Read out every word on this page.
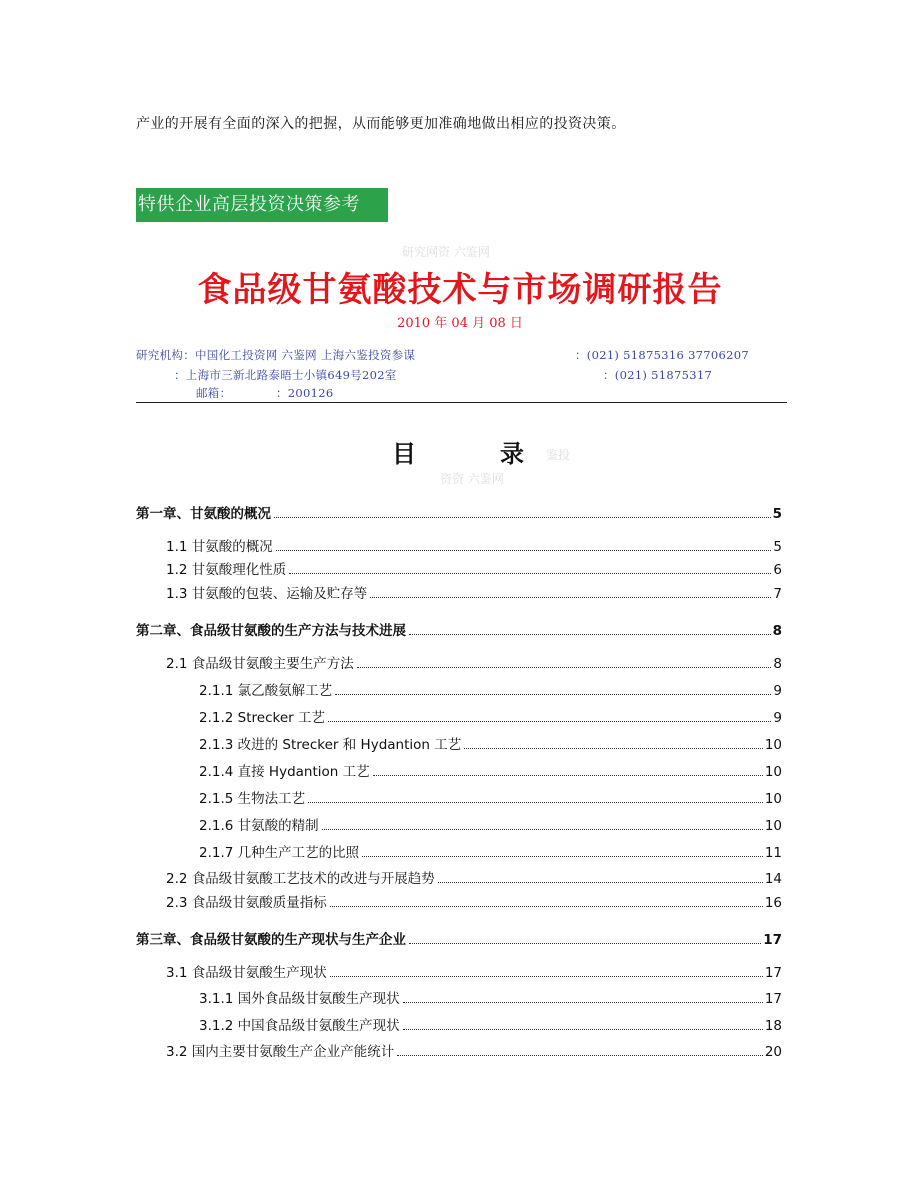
产业的开展有全面的深入的把握，从而能够更加准确地做出相应的投资决策。
特供企业高层投资决策参考
研究网资 六鉴网
食品级甘氨酸技术与市场调研报告
2010 年 04 月 08 日
研究机构：中国化工投资网 六鉴网 上海六鉴投资参谋	：(021) 51875316 37706207
：上海市三新北路泰晤士小镇649号202室	：(021) 51875317
邮箱：	：200126
目	录 鉴投
资资 六鉴网
第一章、甘氨酸的概况	5
1.1 甘氨酸的概况	5
1.2 甘氨酸理化性质	6
1.3 甘氨酸的包装、运输及贮存等	7
第二章、食品级甘氨酸的生产方法与技术进展	8
2.1 食品级甘氨酸主要生产方法	8
2.1.1 氯乙酸氨解工艺	9
2.1.2 Strecker 工艺	9
2.1.3 改进的 Strecker 和 Hydantion 工艺	10
2.1.4 直接 Hydantion 工艺	10
2.1.5 生物法工艺	10
2.1.6 甘氨酸的精制	10
2.1.7 几种生产工艺的比照	11
2.2 食品级甘氨酸工艺技术的改进与开展趋势	14
2.3 食品级甘氨酸质量指标	16
第三章、食品级甘氨酸的生产现状与生产企业	17
3.1 食品级甘氨酸生产现状	17
3.1.1 国外食品级甘氨酸生产现状	17
3.1.2 中国食品级甘氨酸生产现状	18
3.2 国内主要甘氨酸生产企业产能统计	20
